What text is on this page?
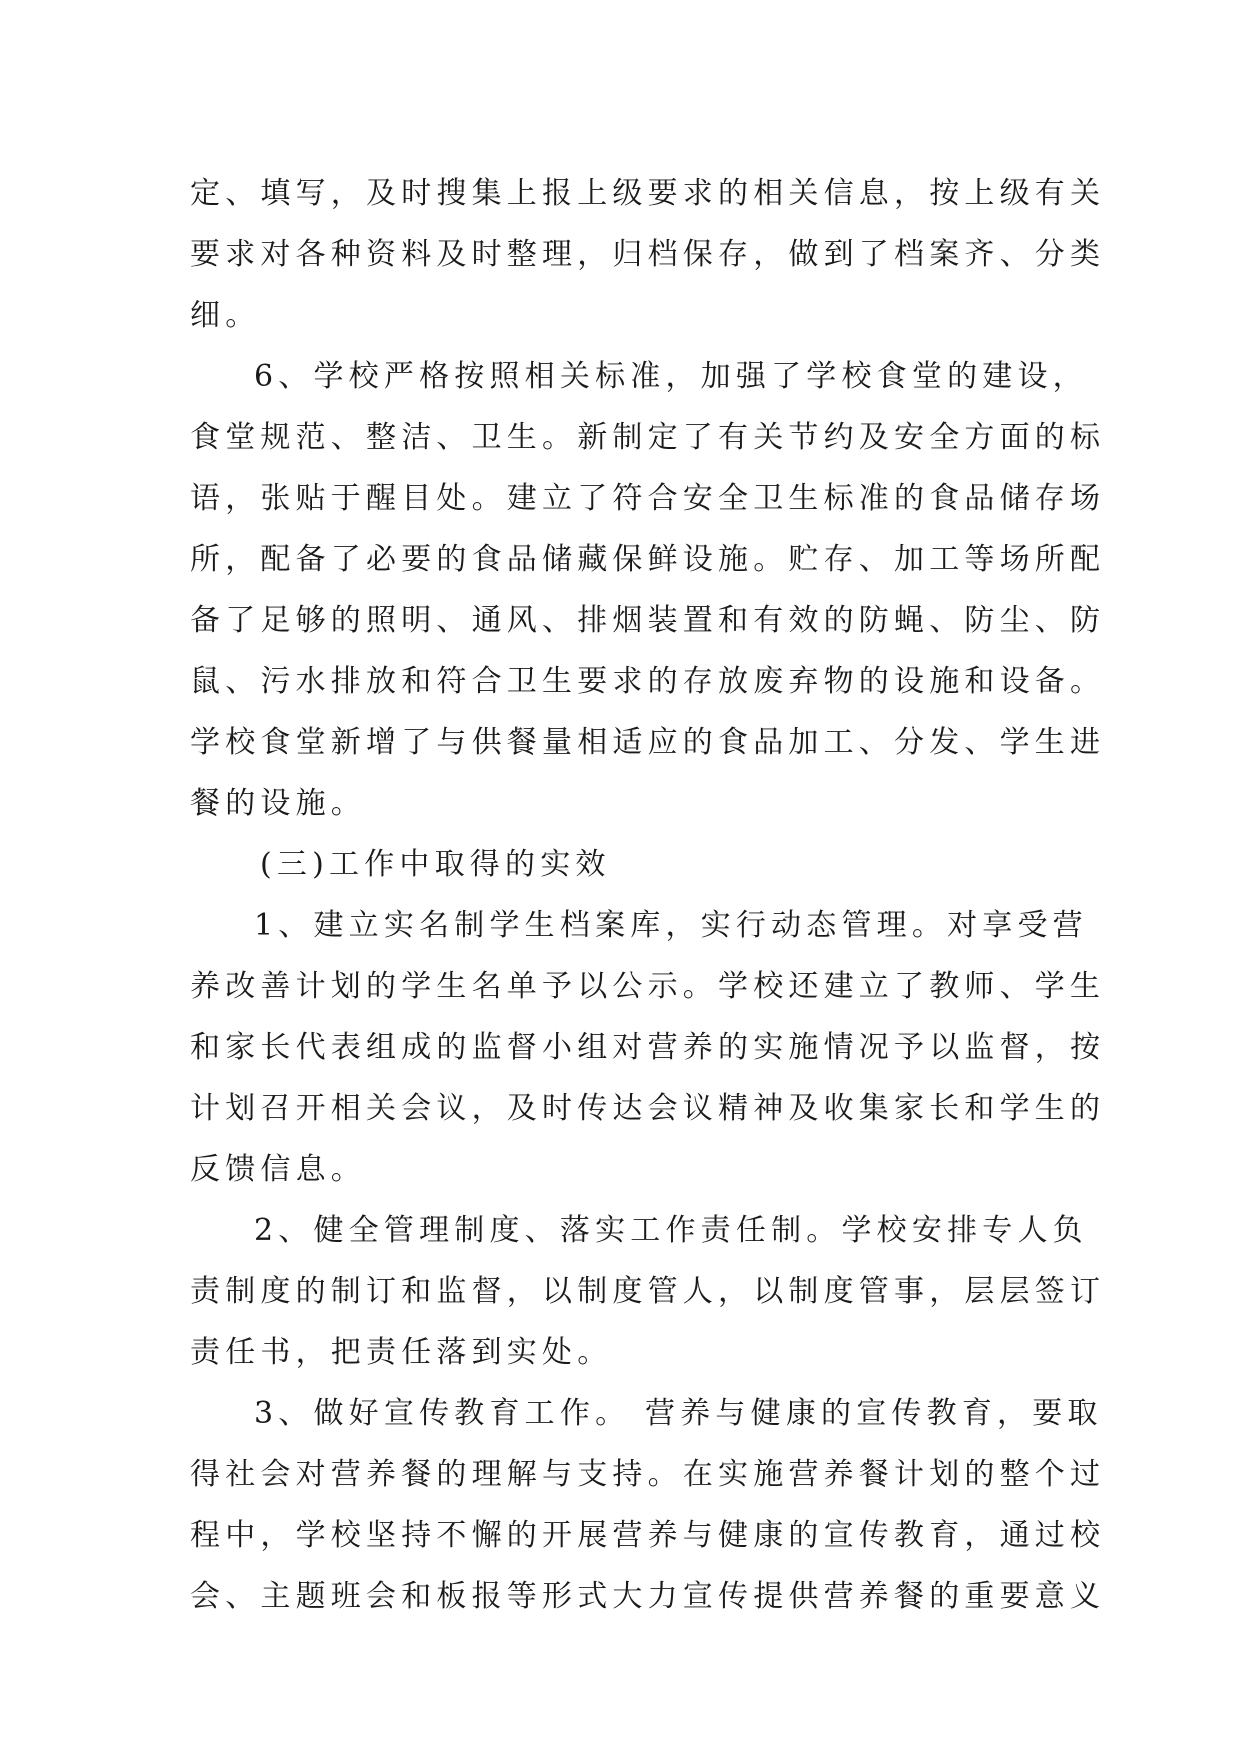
定、填写，及时搜集上报上级要求的相关信息，按上级有关
要求对各种资料及时整理，归档保存，做到了档案齐、分类
细。
6、学校严格按照相关标准，加强了学校食堂的建设，
食堂规范、整洁、卫生。新制定了有关节约及安全方面的标
语，张贴于醒目处。建立了符合安全卫生标准的食品储存场
所，配备了必要的食品储藏保鲜设施。贮存、加工等场所配
备了足够的照明、通风、排烟装置和有效的防蝇、防尘、防
鼠、污水排放和符合卫生要求的存放废弃物的设施和设备。
学校食堂新增了与供餐量相适应的食品加工、分发、学生进
餐的设施。
(三)工作中取得的实效
1、建立实名制学生档案库，实行动态管理。对享受营
养改善计划的学生名单予以公示。学校还建立了教师、学生
和家长代表组成的监督小组对营养的实施情况予以监督，按
计划召开相关会议，及时传达会议精神及收集家长和学生的
反馈信息。
2、健全管理制度、落实工作责任制。学校安排专人负
责制度的制订和监督，以制度管人，以制度管事，层层签订
责任书，把责任落到实处。
3、做好宣传教育工作。 营养与健康的宣传教育，要取
得社会对营养餐的理解与支持。在实施营养餐计划的整个过
程中，学校坚持不懈的开展营养与健康的宣传教育，通过校
会、主题班会和板报等形式大力宣传提供营养餐的重要意义
